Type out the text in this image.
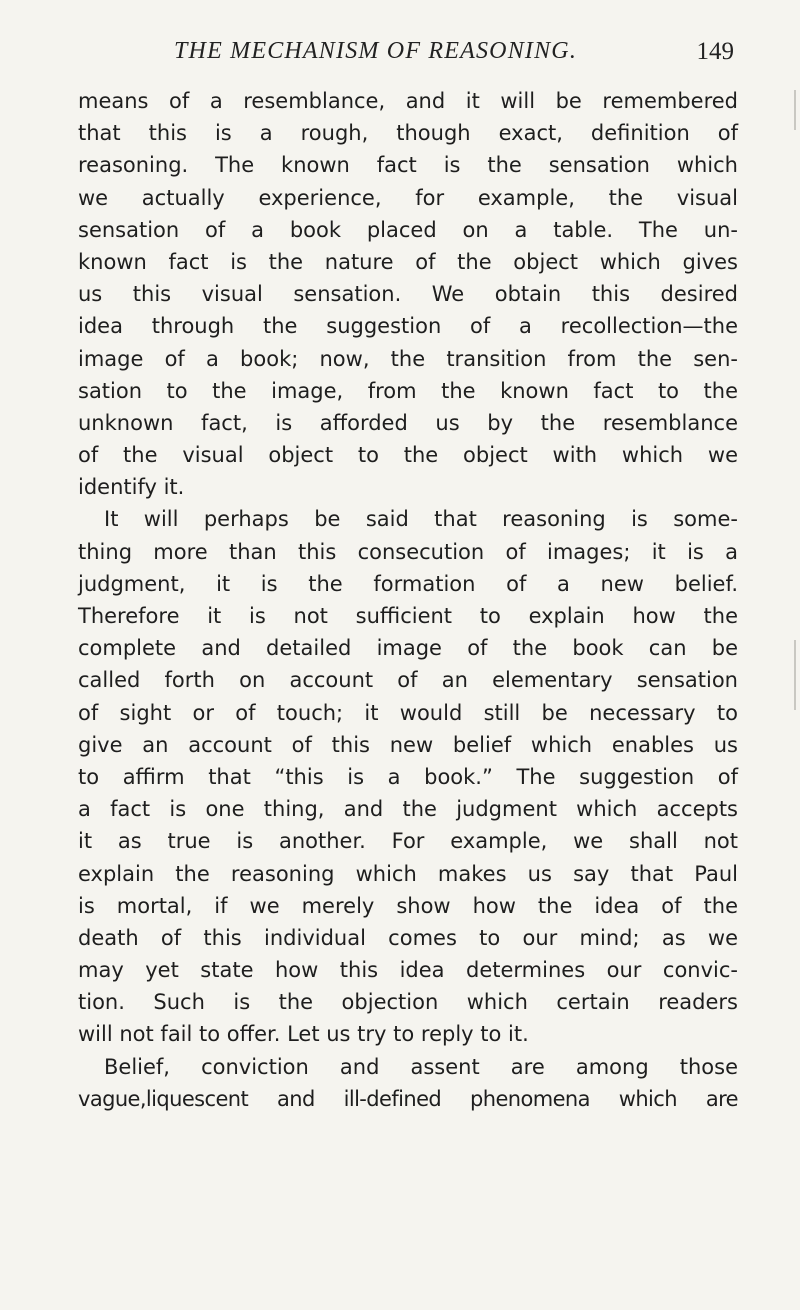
THE MECHANISM OF REASONING.	149
means of a resemblance, and it will be remembered
that this is a rough, though exact, definition of
reasoning. The known fact is the sensation which
we actually experience, for example, the visual
sensation of a book placed on a table. The un-
known fact is the nature of the object which gives
us this visual sensation. We obtain this desired
idea through the suggestion of a recollection—the
image of a book; now, the transition from the sen-
sation to the image, from the known fact to the
unknown fact, is afforded us by the resemblance
of the visual object to the object with which we
identify it.
It will perhaps be said that reasoning is some-
thing more than this consecution of images; it is a
judgment, it is the formation of a new belief.
Therefore it is not sufficient to explain how the
complete and detailed image of the book can be
called forth on account of an elementary sensation
of sight or of touch; it would still be necessary to
give an account of this new belief which enables us
to affirm that “this is a book.” The suggestion of
a fact is one thing, and the judgment which accepts
it as true is another. For example, we shall not
explain the reasoning which makes us say that Paul
is mortal, if we merely show how the idea of the
death of this individual comes to our mind; as we
may yet state how this idea determines our convic-
tion. Such is the objection which certain readers
will not fail to offer. Let us try to reply to it.
Belief, conviction and assent are among those
vague,liquescent and ill-defined phenomena which are
